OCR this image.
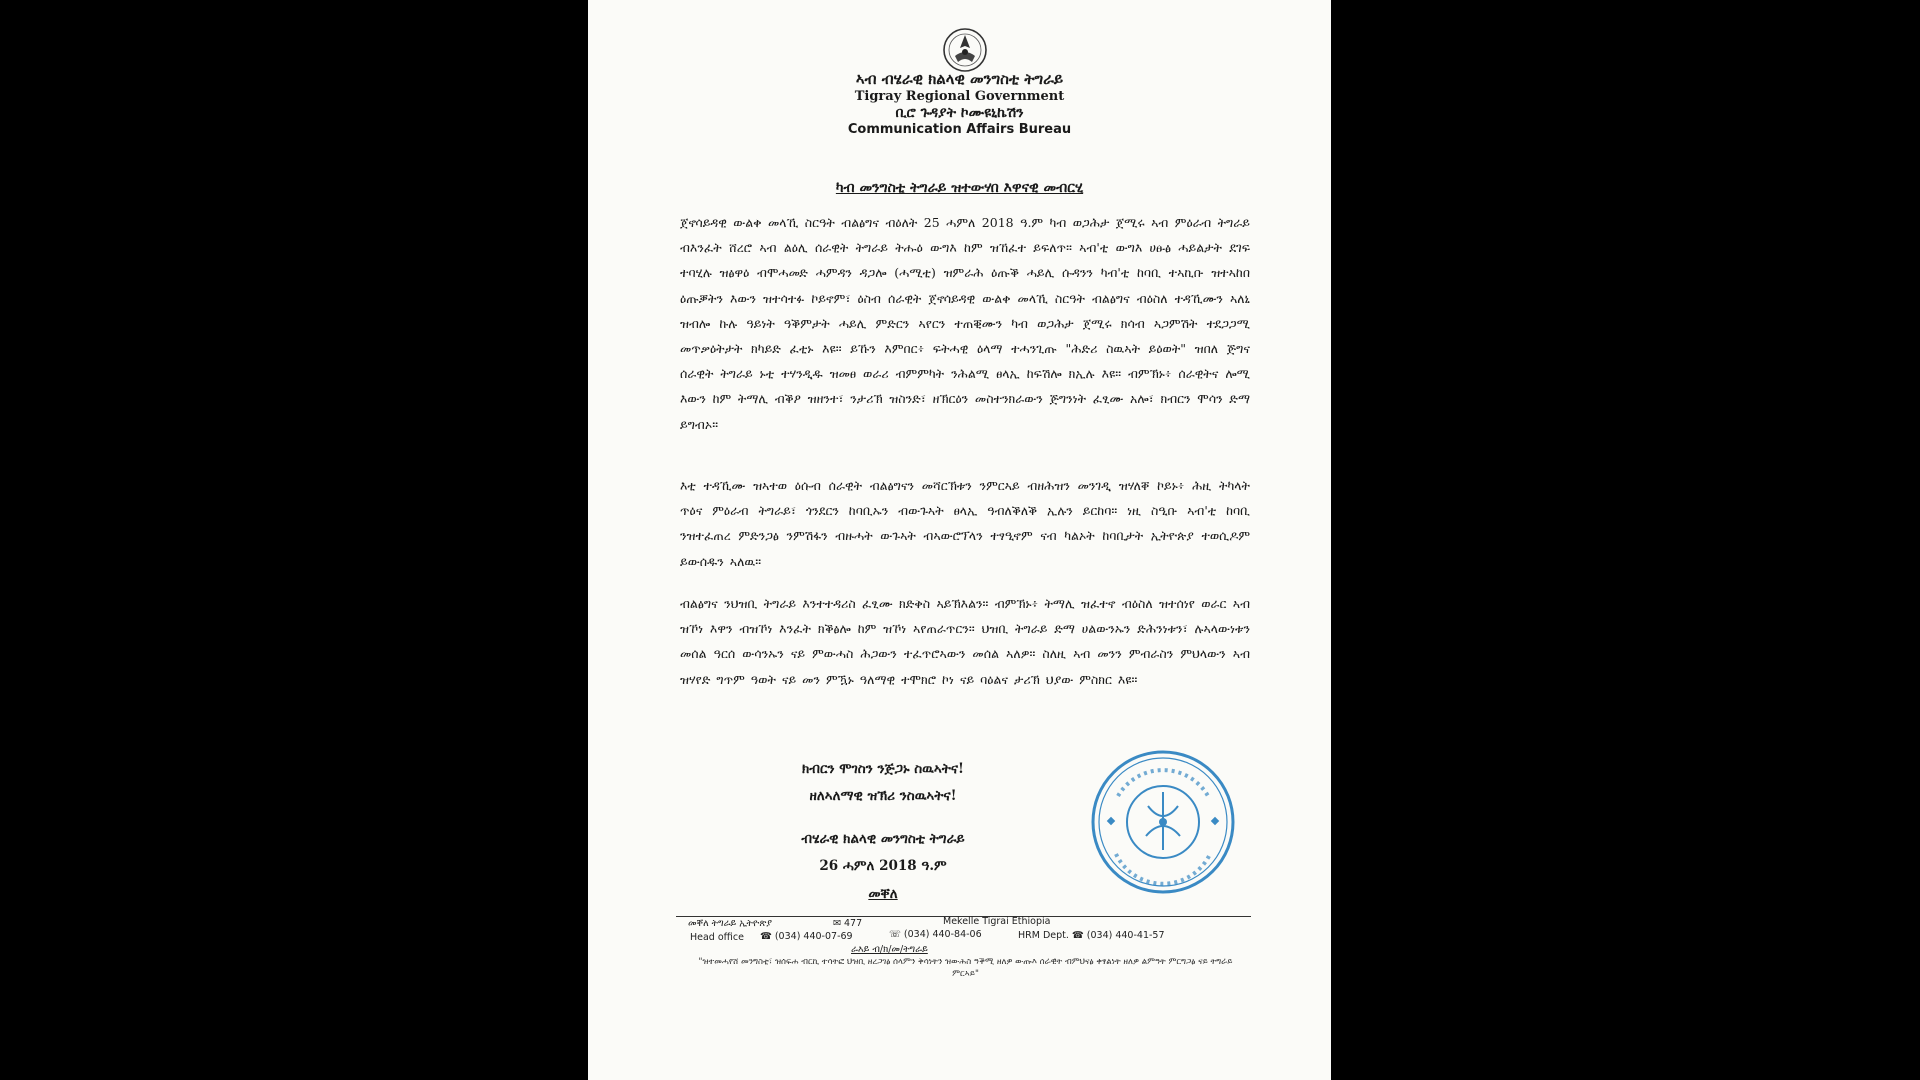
ኣብ ብሄራዊ ክልላዊ መንግስቲ ትግራይ
Tigray Regional Government
ቢሮ ጉዳያት ኮሙዩኒኬሽን
Communication Affairs Bureau
ካብ መንግስቲ ትግራይ ዝተውሃበ እዋናዊ መብርሂ
ጀኖሳይዳዊ ውልቀ መላኺ ስርዓት ብልፅግና ብዕለት 25 ሓምለ 2018 ዓ.ም ካብ ወጋሕታ ጀሚሩ ኣብ ምዕራብ ትግራይ ብእንፈት ሸረሮ ኣብ ልዕሊ ሰራዊት ትግራይ ትሑዕ ውግእ ከም ዝኸፈተ ይፍለጥ። ኣብ'ቲ ውግእ ሀፁፅ ሓይልታት ደገፍ ተባሂሉ ዝፅዋዕ ብሞሓመድ ሓምዳን ዳጋሎ (ሓሚቲ) ዝምራሕ ዕጡቕ ሓይሊ ሱዳንን ካብ'ቲ ከባቢ ተኣኪቡ ዝተኣከበ ዕጡቓትን እውን ዝተሳተፉ ኮይኖም፣ ዕስብ ሰራዊት ጀኖሳይዳዊ ውልቀ መላኺ ስርዓት ብልፅግና ብዕስለ ተዳኺሙን ኣለኒ ዝብሎ ኩሉ ዓይነት ዓቕምታት ሓይሊ ምድርን ኣየርን ተጠቒሙን ካብ ወጋሕታ ጀሚሩ ክሳብ ኣጋምሽት ተደጋጋሚ መጥቃዕትታት ክካይድ ፈቲኑ እዩ። ይኹን እምበር፥ ፍትሓዊ ዕላማ ተሓንጊጡ "ሕድሪ ስዉኣት ይዕወት" ዝበለ ጅግና ሰራዊት ትግራይ ኑቲ ተሃንዲዱ ዝመፀ ወራሪ ብምምካት ንሕልሚ ፀላኢ ከፍሽሎ ክኢሉ እዩ። ብምኽኑ፥ ሰራዊትና ሎሚ እውን ከም ትማሊ ብቕዖ ዝዘንተ፣ ንታሪኽ ዝስንድ፣ ዘኽርዕን መስተንክራውን ጅግንነት ፈፂሙ አሎ፣ ክብርን ሞሳን ድማ ይግብኦ።
እቲ ተዳኺሙ ዝኣተወ ዕሱብ ሰራዊት ብልፅግናን መሻርኽቱን ንምርኣይ ብዘሕዝን መንገዲ ዝሃለቐ ኮይኑ፥ ሕዚ ትካላት ጥዕና ምዕራብ ትግራይ፣ ጎንደርን ከባቢኡን ብውጉኣት ፀላኢ ዓብለቕለቕ ኢሉን ይርከባ። ነዚ ስዒቡ ኣብ'ቲ ከባቢ ንዝተፈጠረ ምድንጋፅ ንምሽፋን ብዙሓት ውጉኣት ብኣውሮፕላን ተፃዒኖም ናብ ካልኦት ከባቢታት ኢትዮጵያ ተወሲዶም ይውሰዱን ኣለዉ።
ብልፅግና ንህዝቢ ትግራይ እንተተዳሪስ ፈፂሙ ክድቅስ ኣይኽእልን። ብምኽኑ፥ ትማሊ ዝፈተኖ ብዕስለ ዝተሰነየ ወራር ኣብ ዝኾነ እዋን ብዝኾነ እንፈት ክቕፅሎ ከም ዝኾነ ኣየጠራጥርን። ህዝቢ ትግራይ ድማ ሀልውንኡን ድሕንነቱን፣ ሉኣላውነቱን መሰል ዓርሰ ውሳንኡን ናይ ምውሓስ ሕጋውን ተፈጥሮኣውን መሰል ኣለዎ። ስለዚ ኣብ መንን ምብራስን ምህላውን ኣብ ዝሃየድ ግጥም ዓወት ናይ መን ምዃኑ ዓለማዊ ተሞክሮ ኮነ ናይ ባዕልና ታሪኽ ህያው ምስክር እዩ።
ክብርን ሞገስን ንጅጋኑ ስዉኣትና!
ዘለኣለማዊ ዝኽሪ ንስዉኣትና!
ብሄራዊ ክልላዊ መንግስቲ ትግራይ
26 ሓምለ 2018 ዓ.ም
መቐለ
መቐለ ትግራይ ኢትዮጵያ	✉ 477	Mekelle Tigrai Ethiopia
Head office ☎ (034) 440-07-69	☏ (034) 440-84-06	HRM Dept. ☎ (034) 440-41-57
ራእይ ብ/ክ/መ/ትግራይ
"ዝተመሓየሸ መንግስቲ፣ ዝሰፍሐ ብርኪ ተሳትፎ ህዝቢ ዘረጋገፅ ሰላምን ቅሳነትን ዝውሕስ ዓቕሚ ዘለዎ ውጡእ ሰራዊት ብምህናፅ ቀፃልነት ዘለዎ ልምዓት ምርግጋፅ ናይ ትግራይ ምርኣይ"
